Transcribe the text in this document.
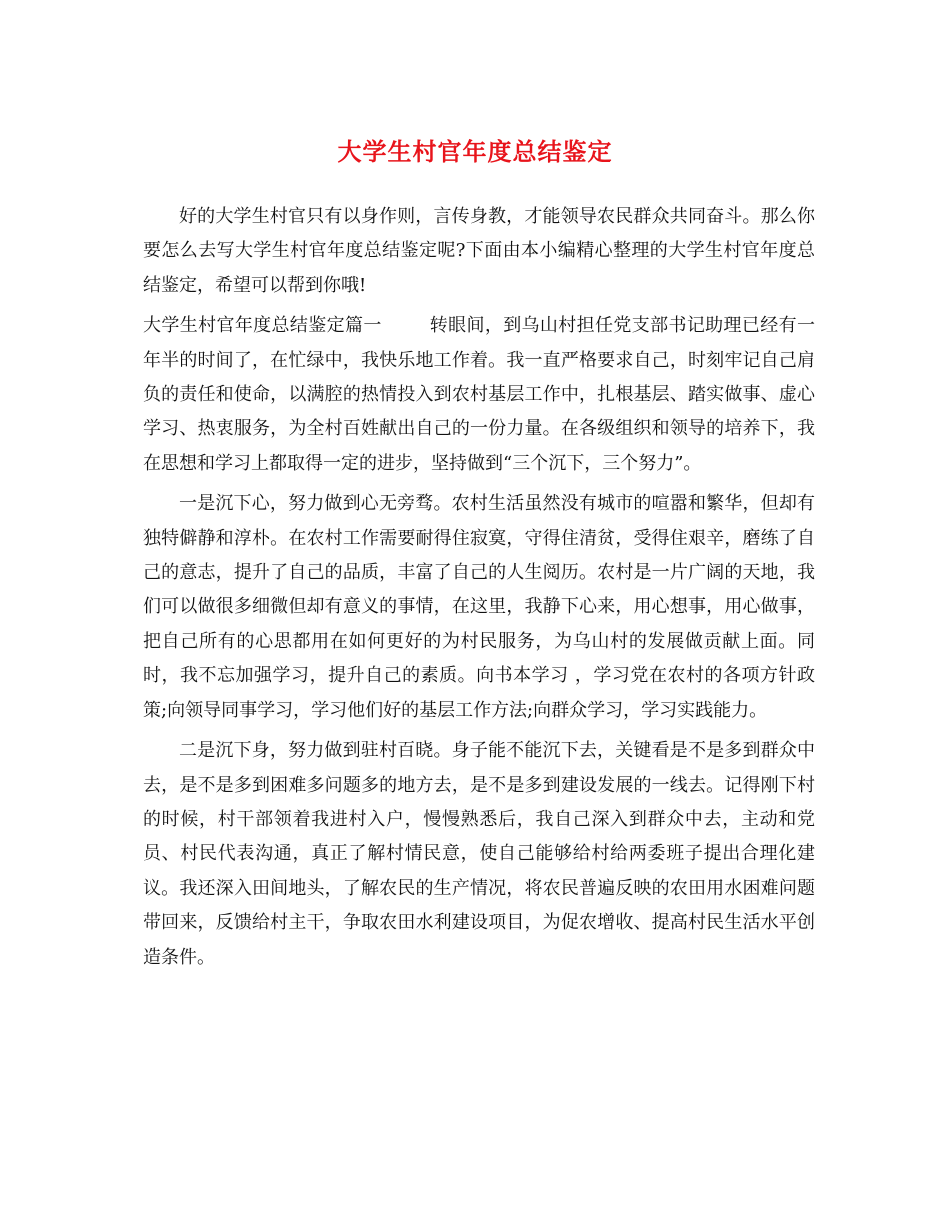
大学生村官年度总结鉴定

好的大学生村官只有以身作则，言传身教，才能领导农民群众共同奋斗。那么你要怎么去写大学生村官年度总结鉴定呢?下面由本小编精心整理的大学生村官年度总结鉴定，希望可以帮到你哦!

大学生村官年度总结鉴定篇一	转眼间，到乌山村担任党支部书记助理已经有一年半的时间了，在忙绿中，我快乐地工作着。我一直严格要求自己，时刻牢记自己肩负的责任和使命，以满腔的热情投入到农村基层工作中，扎根基层、踏实做事、虚心学习、热衷服务，为全村百姓献出自己的一份力量。在各级组织和领导的培养下，我在思想和学习上都取得一定的进步，坚持做到“三个沉下，三个努力”。

一是沉下心，努力做到心无旁骛。农村生活虽然没有城市的喧嚣和繁华，但却有独特僻静和淳朴。在农村工作需要耐得住寂寞，守得住清贫，受得住艰辛，磨练了自己的意志，提升了自己的品质，丰富了自己的人生阅历。农村是一片广阔的天地，我们可以做很多细微但却有意义的事情，在这里，我静下心来，用心想事，用心做事，把自己所有的心思都用在如何更好的为村民服务，为乌山村的发展做贡献上面。同时，我不忘加强学习，提升自己的素质。向书本学习 ，学习党在农村的各项方针政策;向领导同事学习，学习他们好的基层工作方法;向群众学习，学习实践能力。

二是沉下身，努力做到驻村百晓。身子能不能沉下去，关键看是不是多到群众中去，是不是多到困难多问题多的地方去，是不是多到建设发展的一线去。记得刚下村的时候，村干部领着我进村入户，慢慢熟悉后，我自己深入到群众中去，主动和党员、村民代表沟通，真正了解村情民意，使自己能够给村给两委班子提出合理化建议。我还深入田间地头，了解农民的生产情况，将农民普遍反映的农田用水困难问题带回来，反馈给村主干，争取农田水利建设项目，为促农增收、提高村民生活水平创造条件。
